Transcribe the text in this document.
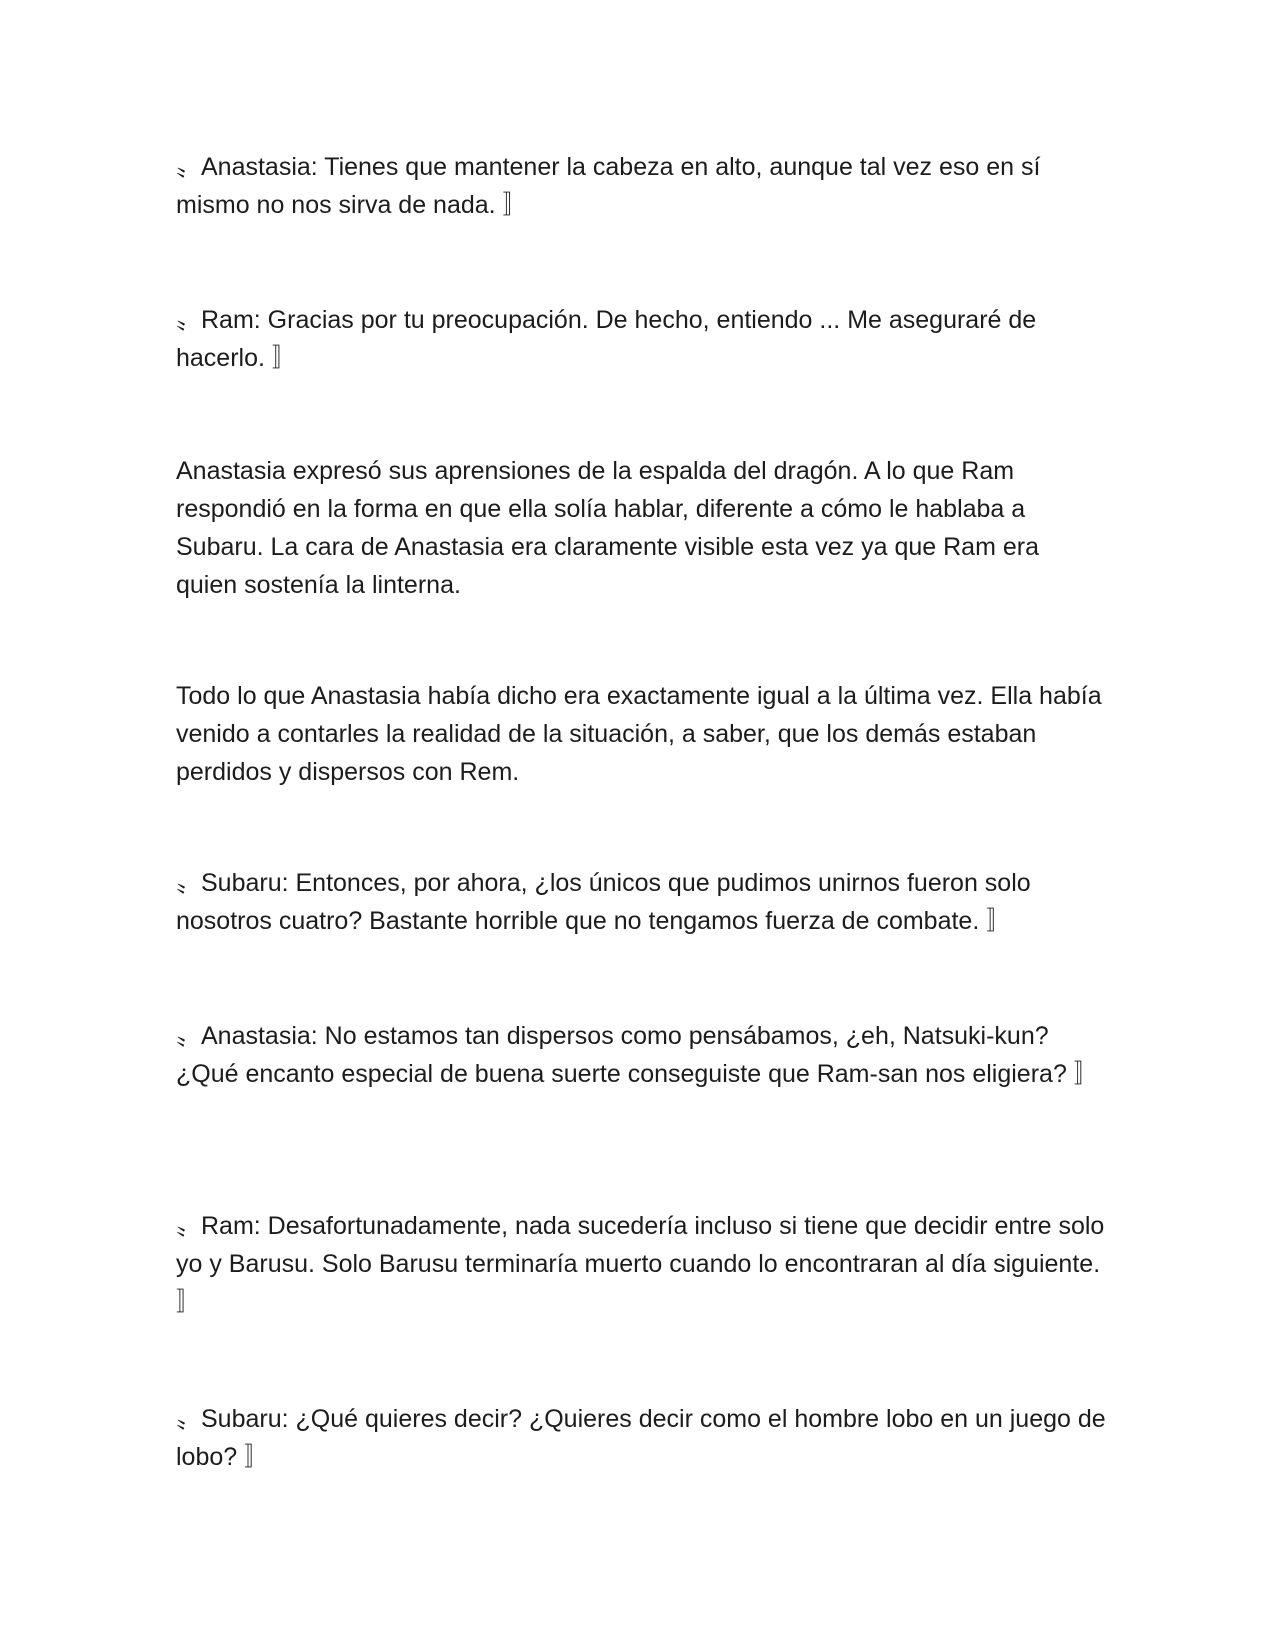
〟Anastasia: Tienes que mantener la cabeza en alto, aunque tal vez eso en sí mismo no nos sirva de nada. 〛

〟Ram: Gracias por tu preocupación. De hecho, entiendo ... Me aseguraré de hacerlo. 〛

Anastasia expresó sus aprensiones de la espalda del dragón. A lo que Ram respondió en la forma en que ella solía hablar, diferente a cómo le hablaba a Subaru. La cara de Anastasia era claramente visible esta vez ya que Ram era quien sostenía la linterna.

Todo lo que Anastasia había dicho era exactamente igual a la última vez. Ella había venido a contarles la realidad de la situación, a saber, que los demás estaban perdidos y dispersos con Rem.

〟Subaru: Entonces, por ahora, ¿los únicos que pudimos unirnos fueron solo nosotros cuatro? Bastante horrible que no tengamos fuerza de combate. 〛

〟Anastasia: No estamos tan dispersos como pensábamos, ¿eh, Natsuki-kun? ¿Qué encanto especial de buena suerte conseguiste que Ram-san nos eligiera? 〛

〟Ram: Desafortunadamente, nada sucedería incluso si tiene que decidir entre solo yo y Barusu. Solo Barusu terminaría muerto cuando lo encontraran al día siguiente. 〛

〟Subaru: ¿Qué quieres decir? ¿Quieres decir como el hombre lobo en un juego de lobo? 〛
